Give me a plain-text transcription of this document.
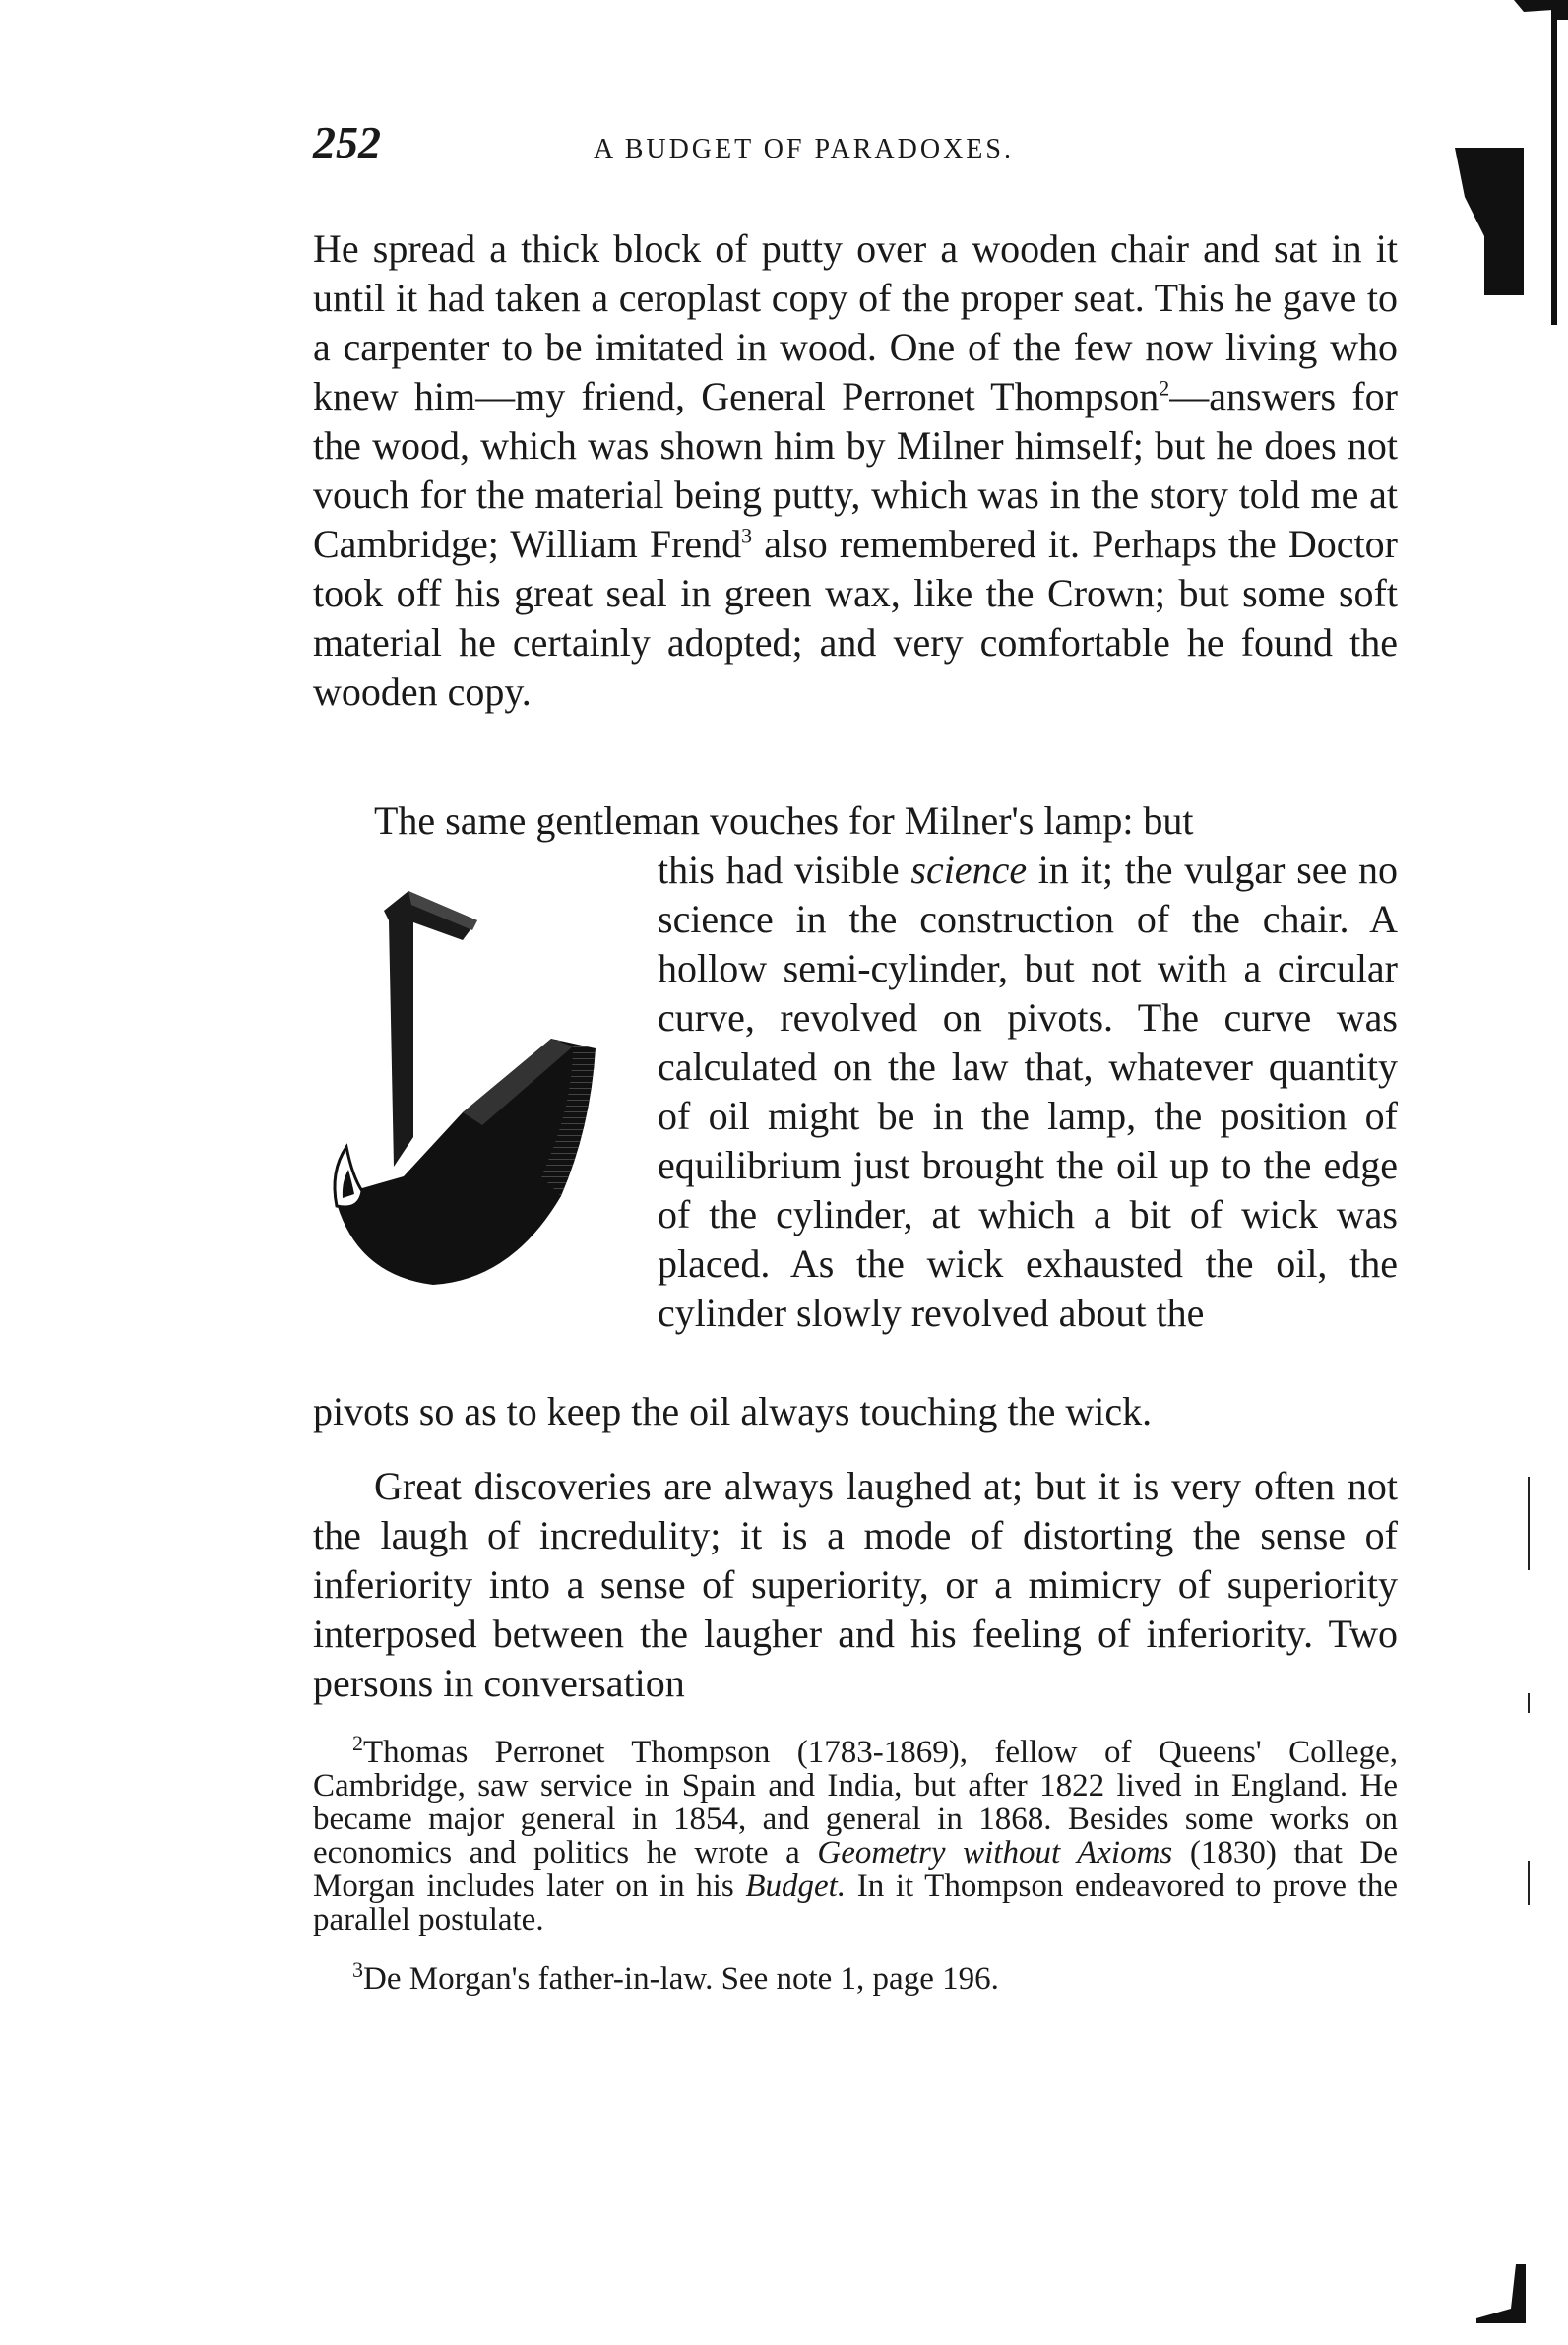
252	A BUDGET OF PARADOXES.

He spread a thick block of putty over a wooden chair and sat in it until it had taken a ceroplast copy of the proper seat. This he gave to a carpenter to be imitated in wood. One of the few now living who knew him—my friend, General Perronet Thompson$^2$—answers for the wood, which was shown him by Milner himself; but he does not vouch for the material being putty, which was in the story told me at Cambridge; William Frend$^3$ also remembered it. Perhaps the Doctor took off his great seal in green wax, like the Crown; but some soft material he certainly adopted; and very comfortable he found the wooden copy.

The same gentleman vouches for Milner's lamp: but

this had visible science in it; the vulgar see no science in the construction of the chair. A hollow semi-cylinder, but not with a circular curve, revolved on pivots. The curve was calculated on the law that, whatever quantity of oil might be in the lamp, the position of equilibrium just brought the oil up to the edge of the cylinder, at which a bit of wick was placed. As the wick exhausted the oil, the cylinder slowly revolved about the

pivots so as to keep the oil always touching the wick.

Great discoveries are always laughed at; but it is very often not the laugh of incredulity; it is a mode of distorting the sense of inferiority into a sense of superiority, or a mimicry of superiority interposed between the laugher and his feeling of inferiority. Two persons in conversation

$^2$Thomas Perronet Thompson (1783-1869), fellow of Queens' College, Cambridge, saw service in Spain and India, but after 1822 lived in England. He became major general in 1854, and general in 1868. Besides some works on economics and politics he wrote a Geometry without Axioms (1830) that De Morgan includes later on in his Budget. In it Thompson endeavored to prove the parallel postulate.

$^3$De Morgan's father-in-law. See note 1, page 196.
